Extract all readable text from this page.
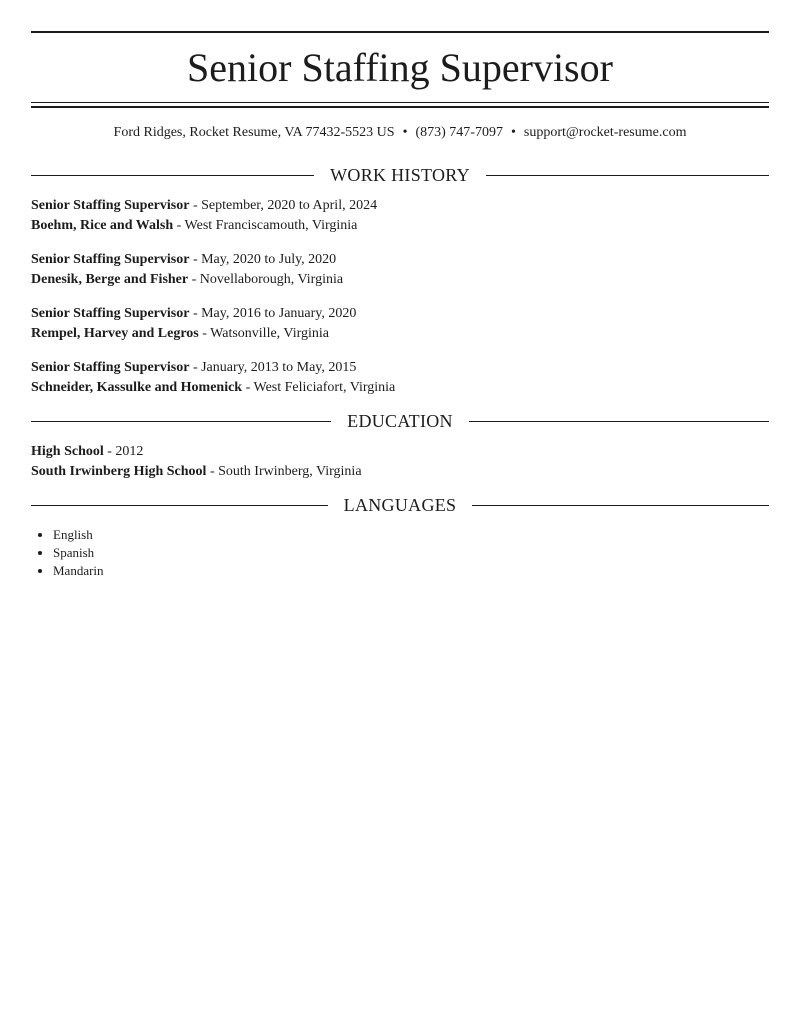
Senior Staffing Supervisor
Ford Ridges, Rocket Resume, VA 77432-5523 US • (873) 747-7097 • support@rocket-resume.com
WORK HISTORY
Senior Staffing Supervisor - September, 2020 to April, 2024
Boehm, Rice and Walsh - West Franciscamouth, Virginia
Senior Staffing Supervisor - May, 2020 to July, 2020
Denesik, Berge and Fisher - Novellaborough, Virginia
Senior Staffing Supervisor - May, 2016 to January, 2020
Rempel, Harvey and Legros - Watsonville, Virginia
Senior Staffing Supervisor - January, 2013 to May, 2015
Schneider, Kassulke and Homenick - West Feliciafort, Virginia
EDUCATION
High School - 2012
South Irwinberg High School - South Irwinberg, Virginia
LANGUAGES
• English
• Spanish
• Mandarin
